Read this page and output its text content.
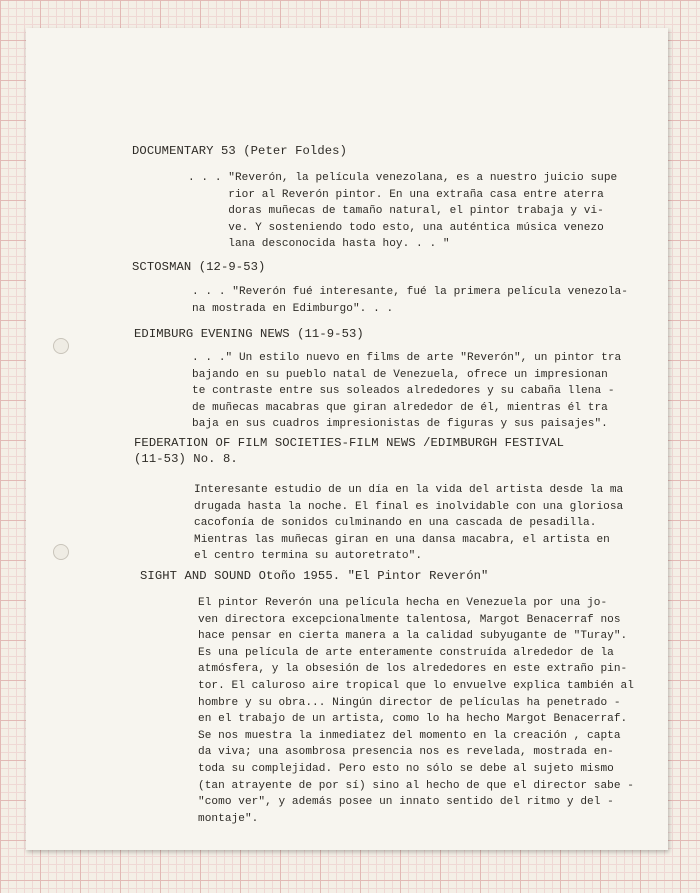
DOCUMENTARY 53 (Peter Foldes)

. . . "Reverón, la película venezolana, es a nuestro juicio supe
rior al Reverón pintor. En una extraña casa entre aterra
doras muñecas de tamaño natural, el pintor trabaja y vi-
ve. Y sosteniendo todo esto, una auténtica música venezo
lana desconocida hasta hoy. . . "

SCTOSMAN (12-9-53)

. . . "Reverón fué interesante, fué la primera película venezola-
na mostrada en Edimburgo". . .

EDIMBURG EVENING NEWS (11-9-53)

. . ." Un estilo nuevo en films de arte "Reverón", un pintor tra
bajando en su pueblo natal de Venezuela, ofrece un impresionan
te contraste entre sus soleados alrededores y su cabaña llena -
de muñecas macabras que giran alrededor de él, mientras él tra
baja en sus cuadros impresionistas de figuras y sus paisajes".

FEDERATION OF FILM SOCIETIES-FILM NEWS /EDIMBURGH FESTIVAL
(11-53) No. 8.

Interesante estudio de un día en la vida del artista desde la ma
drugada hasta la noche. El final es inolvidable con una gloriosa
cacofonía de sonidos culminando en una cascada de pesadilla.
Mientras las muñecas giran en una dansa macabra, el artista en
el centro termina su autoretrato".

SIGHT AND SOUND Otoño 1955. "El Pintor Reverón"

El pintor Reverón una película hecha en Venezuela por una jo-
ven directora excepcionalmente talentosa, Margot Benacerraf nos
hace pensar en cierta manera a la calidad subyugante de "Turay".
Es una película de arte enteramente construída alrededor de la
atmósfera, y la obsesión de los alrededores en este extraño pin-
tor. El caluroso aire tropical que lo envuelve explica también al
hombre y su obra... Ningún director de películas ha penetrado -
en el trabajo de un artista, como lo ha hecho Margot Benacerraf.
Se nos muestra la inmediatez del momento en la creación , capta
da viva; una asombrosa presencia nos es revelada, mostrada en-
toda su complejidad. Pero esto no sólo se debe al sujeto mismo
(tan atrayente de por sí) sino al hecho de que el director sabe -
"como ver", y además posee un innato sentido del ritmo y del -
montaje".
